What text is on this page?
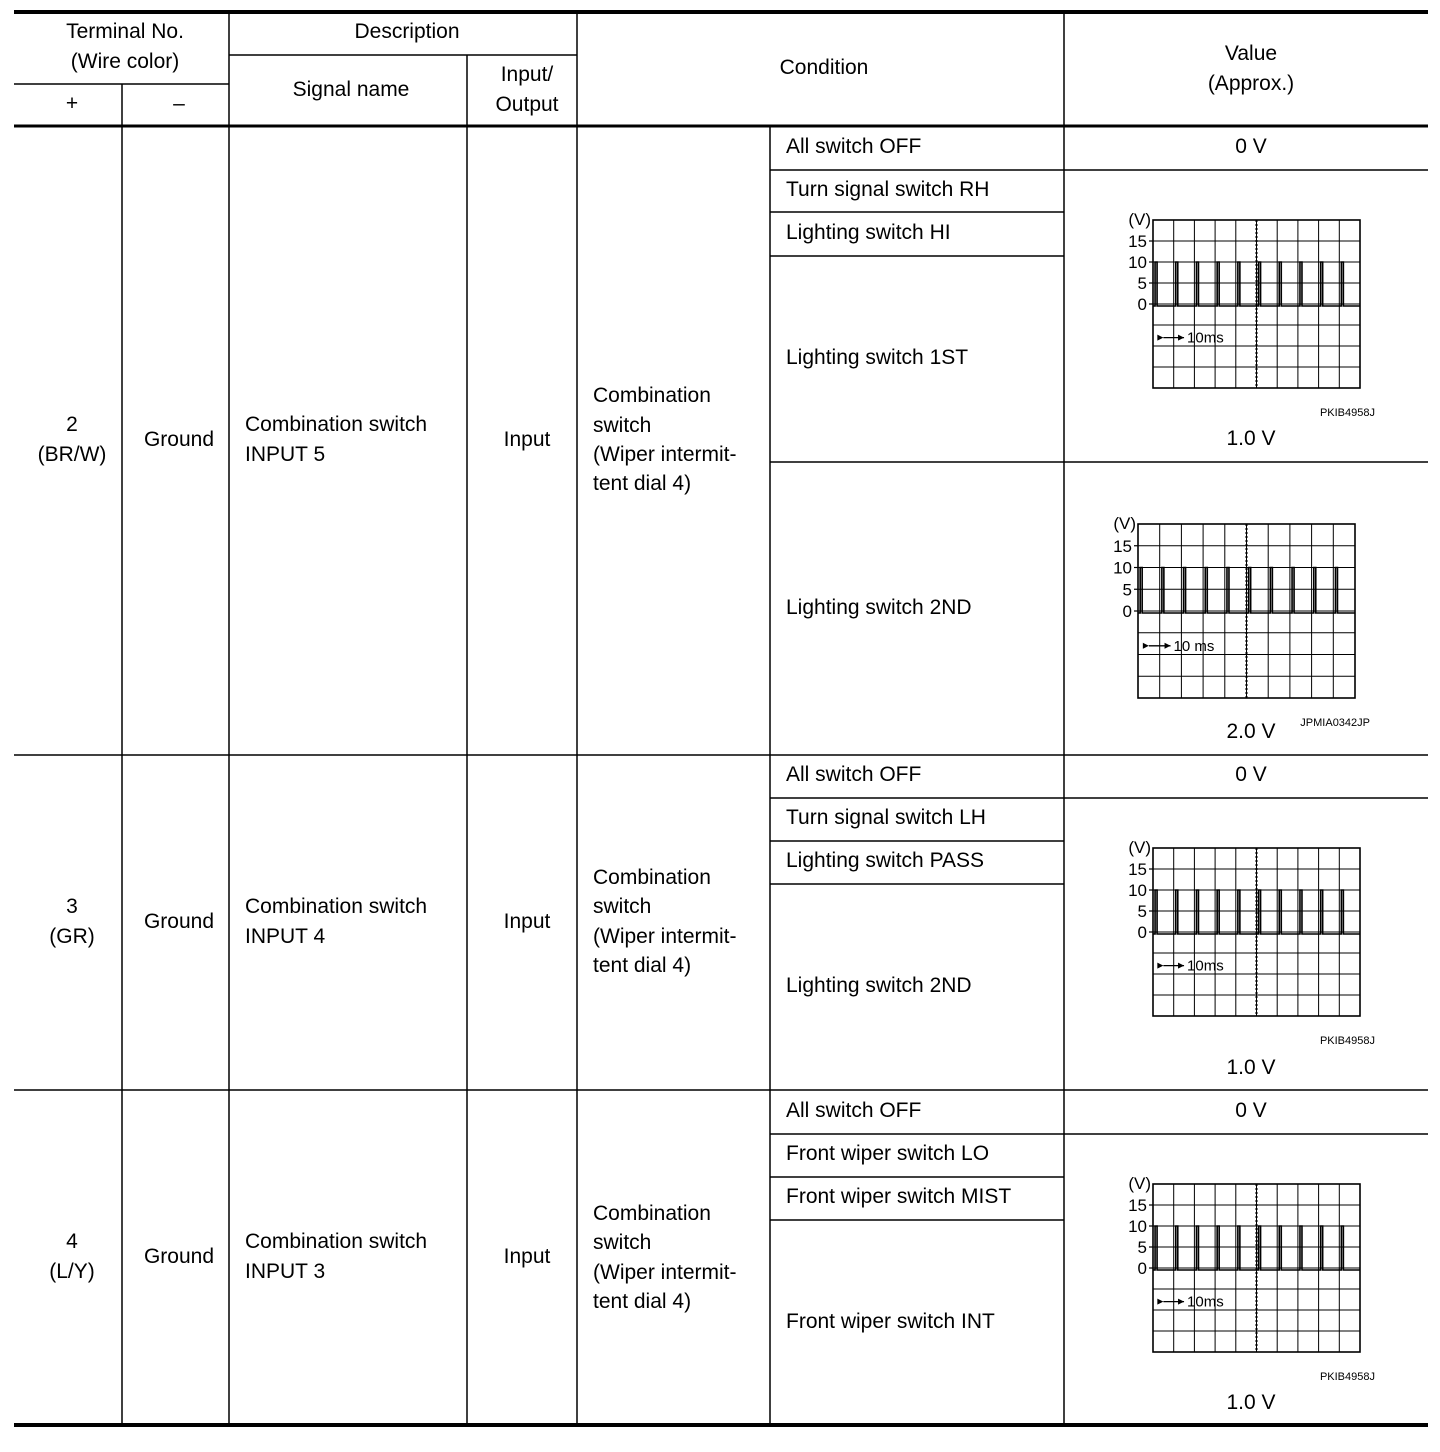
Terminal No.
(Wire color)
+	–
Description
Signal name
Input/
Output
Condition
Value
(Approx.)
2
(BR/W)
Ground
Combination switch
INPUT 5
Input
Combination
switch
(Wiper intermit-
tent dial 4)
All switch OFF
Turn signal switch RH
Lighting switch HI
Lighting switch 1ST
Lighting switch 2ND
0 V
1.0 V
2.0 V
3
(GR)
Ground
Combination switch
INPUT 4
Input
Combination
switch
(Wiper intermit-
tent dial 4)
All switch OFF
Turn signal switch LH
Lighting switch PASS
Lighting switch 2ND
0 V
1.0 V
4
(L/Y)
Ground
Combination switch
INPUT 3
Input
Combination
switch
(Wiper intermit-
tent dial 4)
All switch OFF
Front wiper switch LO
Front wiper switch MIST
Front wiper switch INT
0 V
1.0 V
(V)
15
10
5
0
10ms
PKIB4958J
(V)
15
10
5
0
10 ms
JPMIA0342JP
(V)
15
10
5
0
10ms
PKIB4958J
(V)
15
10
5
0
10ms
PKIB4958J
